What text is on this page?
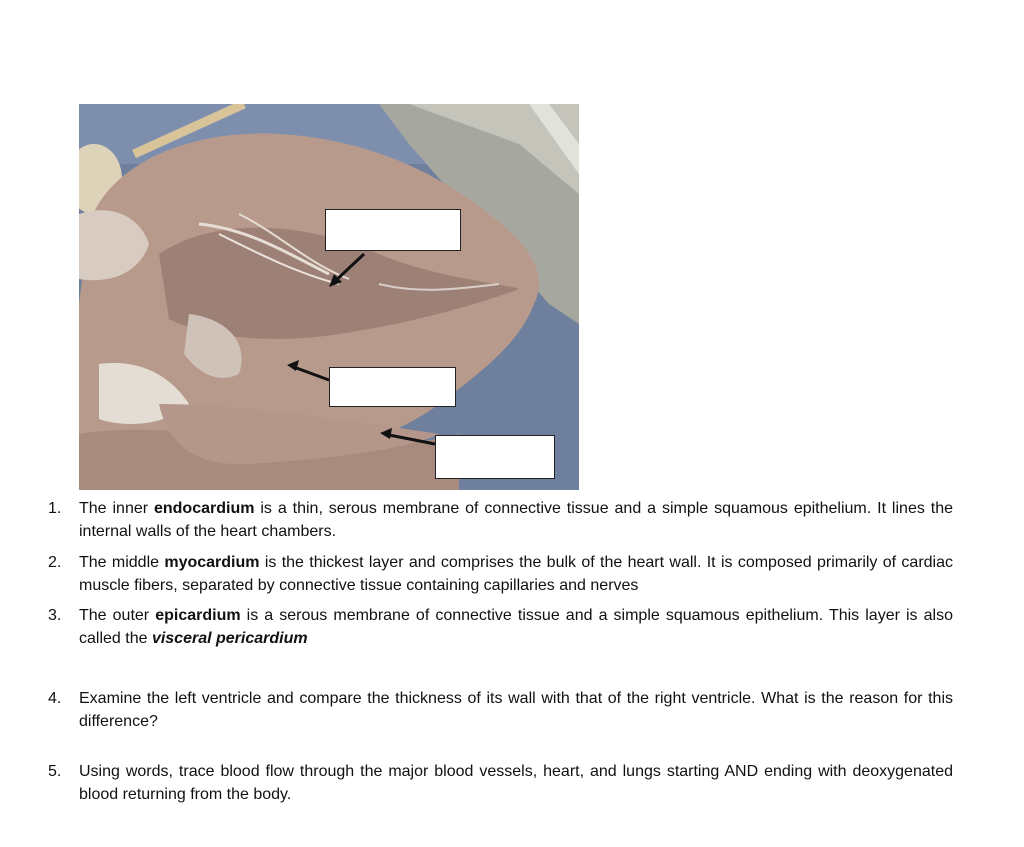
1. The inner endocardium is a thin, serous membrane of connective tissue and a simple squamous epithelium. It lines the internal walls of the heart chambers.
2. The middle myocardium is the thickest layer and comprises the bulk of the heart wall. It is composed primarily of cardiac muscle fibers, separated by connective tissue containing capillaries and nerves
3. The outer epicardium is a serous membrane of connective tissue and a simple squamous epithelium. This layer is also called the visceral pericardium
4. Examine the left ventricle and compare the thickness of its wall with that of the right ventricle. What is the reason for this difference?
5. Using words, trace blood flow through the major blood vessels, heart, and lungs starting AND ending with deoxygenated blood returning from the body.
